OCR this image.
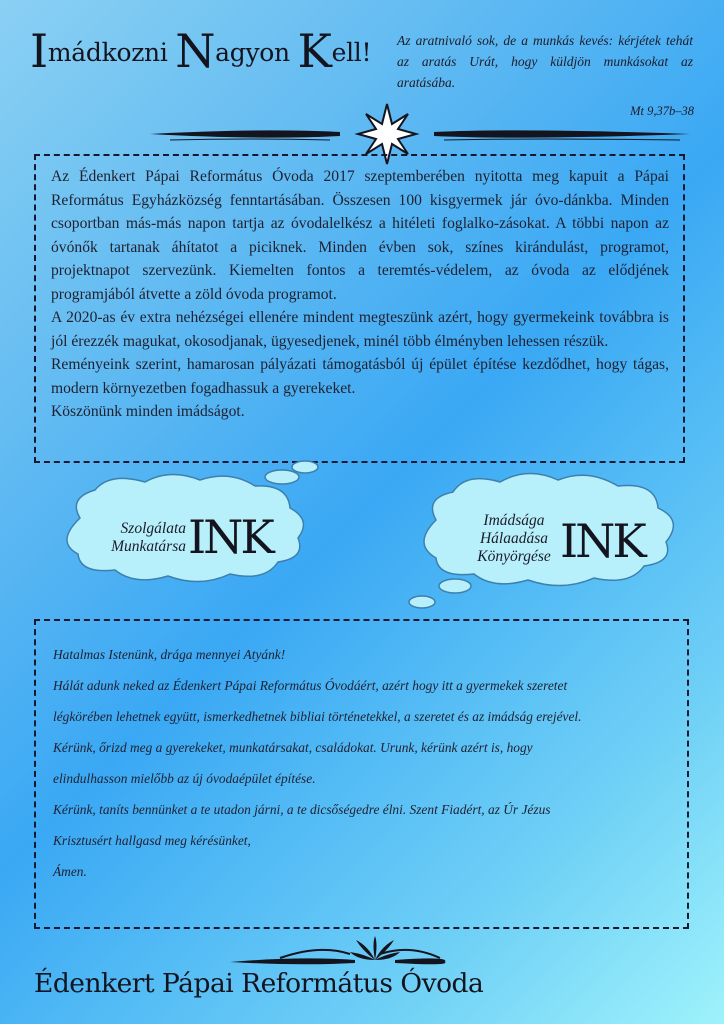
Imádkozni Nagyon Kell! Az aratnivaló sok, de a munkás kevés: kérjétek tehát az aratás Urát, hogy küldjön munkásokat az aratásába.
Mt 9,37b–38

Az Édenkert Pápai Református Óvoda 2017 szeptemberében nyitotta meg kapuit a Pápai Református Egyházközség fenntartásában. Összesen 100 kisgyermek jár óvo-dánkba. Minden csoportban más-más napon tartja az óvodalelkész a hitéleti foglalko-zásokat. A többi napon az óvónők tartanak áhítatot a piciknek. Minden évben sok, színes kirándulást, programot, projektnapot szervezünk. Kiemelten fontos a teremtés-védelem, az óvoda az elődjének programjából átvette a zöld óvoda programot.

A 2020-as év extra nehézségei ellenére mindent megteszünk azért, hogy gyermekeink továbbra is jól érezzék magukat, okosodjanak, ügyesedjenek, minél több élményben lehessen részük.

Reményeink szerint, hamarosan pályázati támogatásból új épület építése kezdődhet, hogy tágas, modern környezetben fogadhassuk a gyerekeket.

Köszönünk minden imádságot.

Szolgálata
Munkatársa INK	Imádsága
Hálaadása
Könyörgése INK

Hatalmas Istenünk, drága mennyei Atyánk!

Hálát adunk neked az Édenkert Pápai Református Óvodáért, azért hogy itt a gyermekek szeretet

légkörében lehetnek együtt, ismerkedhetnek bibliai történetekkel, a szeretet és az imádság erejével.

Kérünk, őrizd meg a gyerekeket, munkatársakat, családokat. Urunk, kérünk azért is, hogy

elindulhasson mielőbb az új óvodaépület építése.

Kérünk, taníts bennünket a te utadon járni, a te dicsőségedre élni. Szent Fiadért, az Úr Jézus

Krisztusért hallgasd meg kérésünket,

Ámen.

Édenkert Pápai Református Óvoda
